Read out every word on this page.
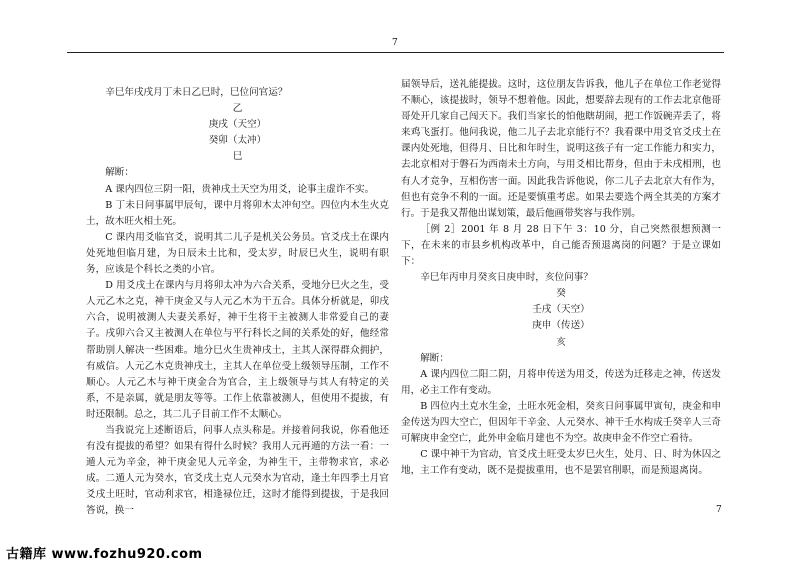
7

辛巳年戌戌月丁未日乙巳时，巳位问官运？

乙

庚戌（天空）

癸卯（太冲）

巳

解断：

A 课内四位三阴一阳，贵神戌土天空为用爻，论事主虚诈不实。

B 丁未日问事属甲辰旬，课中月将卯木太冲旬空。四位内木生火克土，故木旺火相土死。

C 课内用爻临官爻，说明其二儿子是机关公务员。官爻戌土在课内处死地但临月建，为日辰未土比和，受太岁，时辰巳火生，说明有职务，应该是个科长之类的小官。

D 用爻戌土在课内与月将卯太冲为六合关系，受地分巳火之生，受人元乙木之克，神干庚金又与人元乙木为干五合。具体分析就是，卯戌六合，说明被测人夫妻关系好，神干生将干主被测人非常爱自己的妻子。戌卯六合又主被测人在单位与平行科长之间的关系处的好，他经常帮助别人解决一些困难。地分巳火生贵神戌土，主其人深得群众拥护，有威信。人元乙木克贵神戌土，主其人在单位受上级领导压制，工作不顺心。人元乙木与神干庚金合为官合，主上级领导与其人有特定的关系，不是亲属，就是朋友等等。工作上依靠被测人，但使用不提拔，有时还限制。总之，其二儿子目前工作不太顺心。

当我说完上述断语后，问事人点头称是。并接着问我说，你看他还有没有提拔的希望？如果有得什么时候？我用人元再遁的方法一看：一遁人元为辛金，神干庚金见人元辛金，为神生干，主带物求官，求必成。二遁人元为癸水，官爻戌土克人元癸水为官动，逢土年四季土月官爻戌土旺时，官动利求官，相逢禄位迁，这时才能得到提拔，于是我回答说，换一

届领导后，送礼能提拔。这时，这位朋友告诉我，他儿子在单位工作老觉得不顺心，该提拔时，领导不想着他。因此，想要辞去现有的工作去北京他哥哥处开几家自己闯天下。我们当家长的怕他瞎胡闹，把工作饭碗弄丢了，将来鸡飞蛋打。他问我说，他二儿子去北京能行不？我看课中用爻官爻戌土在课内处死地，但得月、日比和年时生，说明这孩子有一定工作能力和实力，去北京相对于磐石为西南未土方向，与用爻相比帮身，但由于未戌相刑，也有人才竞争，互相伤害一面。因此我告诉他说，你二儿子去北京大有作为，但也有竞争不利的一面。还是要慎重考虑。如果去要选个两全其美的方案才行。于是我又帮他出谋划策，最后他画带奖容与我作别。

［例 2］2001 年 8 月 28 日下午 3：10 分，自己突然很想预测一下，在未来的市县乡机构改革中，自己能否预退离岗的问题？于是立课如下：

辛巳年丙申月癸亥日庚申时，亥位问事？

癸

壬戌（天空）

庚申（传送）

亥

解断：

A 课内四位二阳二阴，月将申传送为用爻，传送为迁移走之神，传送发用，必主工作有变动。

B 四位内土克水生金，土旺水死金相，癸亥日问事属甲寅旬，庚金和申金传送为四大空亡，但因年干辛金、人元癸水、神干壬水构成壬癸辛人三奇可解庚申金空亡，此外申金临月建也不为空。故庚申金不作空亡看待。

C 课中神干为官动，官爻戌土旺受太岁巳火生，处月、日、时为休囚之地，主工作有变动，既不是提拔重用，也不是罢官削职，而是预退离岗。

7
古籍库 www.fozhu920.com
